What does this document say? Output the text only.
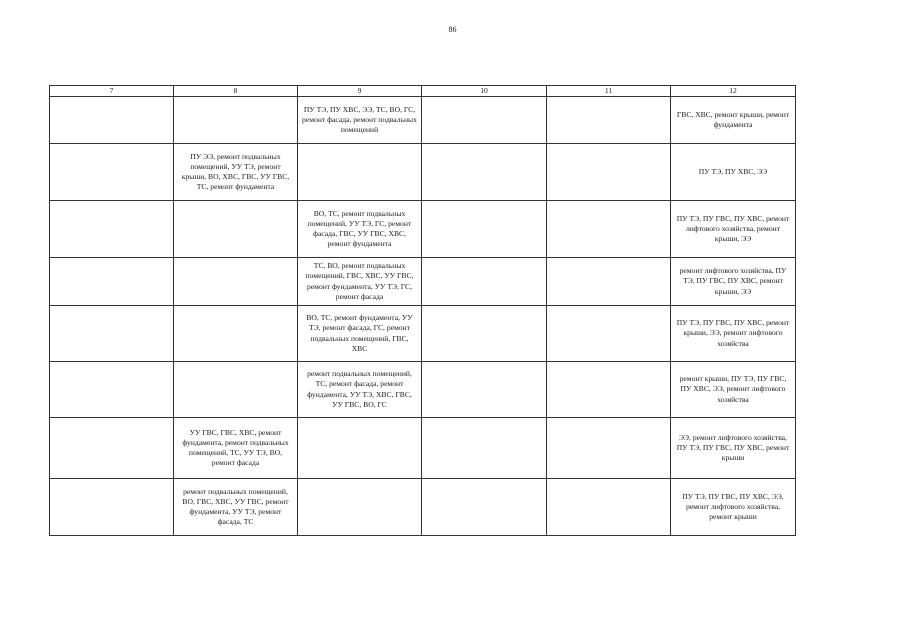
86
7	8	9	10	11	12
		ПУ ТЭ, ПУ ХВС, ЭЭ, ТС, ВО, ГС, ремонт фасада, ремонт подвальных помещений			ГВС, ХВС, ремонт крыши, ремонт фундамента
	ПУ ЭЭ, ремонт подвальных помещений, УУ ТЭ, ремонт крыши, ВО, ХВС, ГВС, УУ ГВС, ТС, ремонт фундамента				ПУ ТЭ, ПУ ХВС, ЭЭ
		ВО, ТС, ремонт подвальных помещений, УУ ТЭ, ГС, ремонт фасада, ГВС, УУ ГВС, ХВС, ремонт фундамента			ПУ ТЭ, ПУ ГВС, ПУ ХВС, ремонт лифтового хозяйства, ремонт крыши, ЭЭ
		ТС, ВО, ремонт подвальных помещений, ГВС, ХВС, УУ ГВС, ремонт фундамента, УУ ТЭ, ГС, ремонт фасада			ремонт лифтового хозяйства, ПУ ТЭ, ПУ ГВС, ПУ ХВС, ремонт крыши, ЭЭ
		ВО, ТС, ремонт фундамента, УУ ТЭ, ремонт фасада, ГС, ремонт подвальных помещений, ГВС, ХВС			ПУ ТЭ, ПУ ГВС, ПУ ХВС, ремонт крыши, ЭЭ, ремонт лифтового хозяйства
		ремонт подвальных помещений, ТС, ремонт фасада, ремонт фундамента, УУ ТЭ, ХВС, ГВС, УУ ГВС, ВО, ГС			ремонт крыши, ПУ ТЭ, ПУ ГВС, ПУ ХВС, ЭЭ, ремонт лифтового хозяйства
	УУ ГВС, ГВС, ХВС, ремонт фундамента, ремонт подвальных помещений, ТС, УУ ТЭ, ВО, ремонт фасада				ЭЭ, ремонт лифтового хозяйства, ПУ ТЭ, ПУ ГВС, ПУ ХВС, ремонт крыши
	ремонт подвальных помещений, ВО, ГВС, ХВС, УУ ГВС, ремонт фундамента, УУ ТЭ, ремонт фасада, ТС				ПУ ТЭ, ПУ ГВС, ПУ ХВС, ЭЭ, ремонт лифтового хозяйства, ремонт крыши
